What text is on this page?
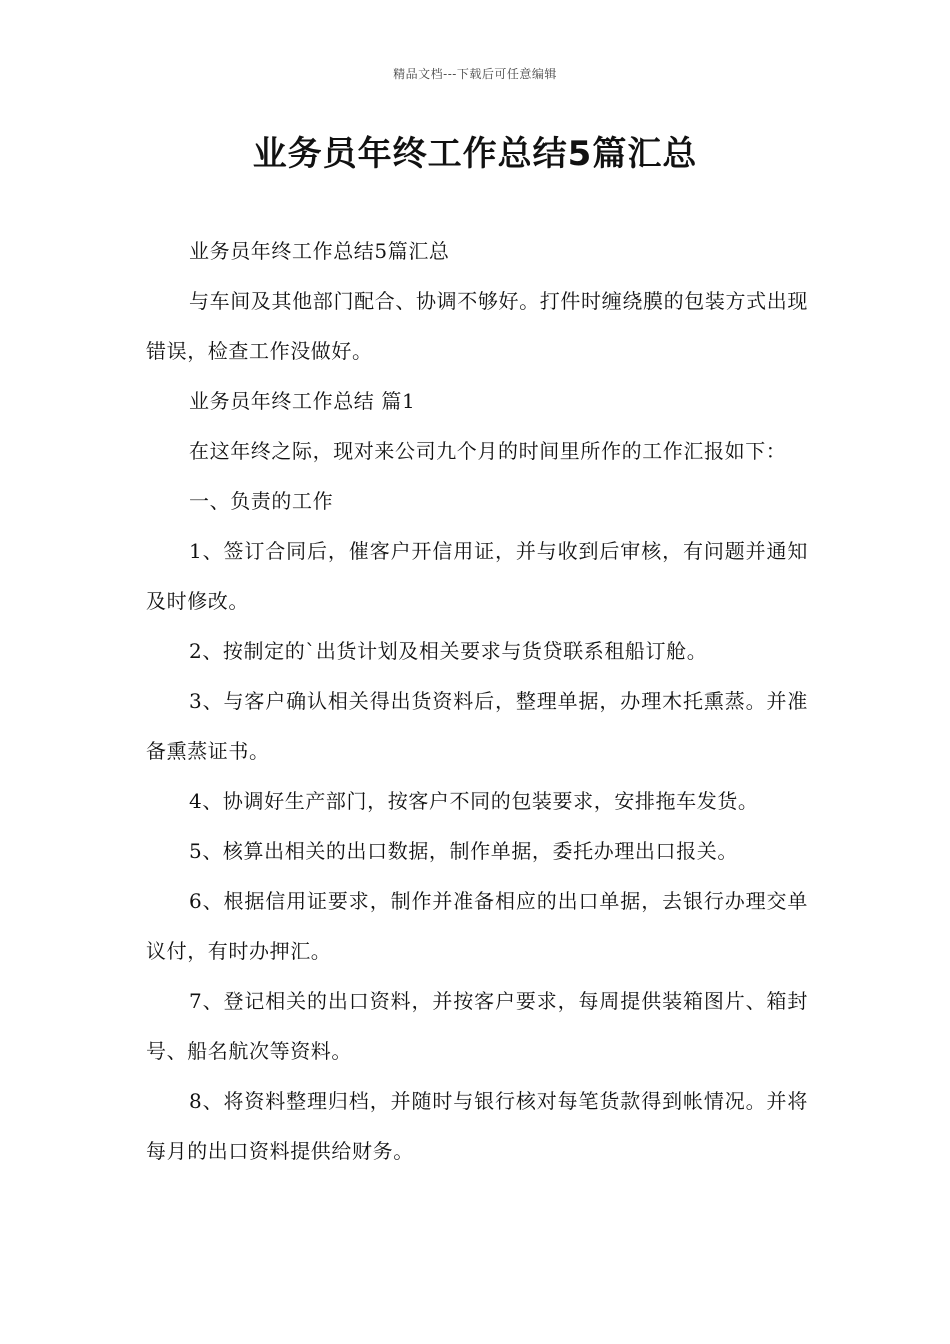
精品文档---下载后可任意编辑
业务员年终工作总结5篇汇总

业务员年终工作总结5篇汇总

与车间及其他部门配合、协调不够好。打件时缠绕膜的包装方式出现错误，检查工作没做好。

业务员年终工作总结 篇1

在这年终之际，现对来公司九个月的时间里所作的工作汇报如下：

一、负责的工作

1、签订合同后，催客户开信用证，并与收到后审核，有问题并通知及时修改。

2、按制定的`出货计划及相关要求与货贷联系租船订舱。

3、与客户确认相关得出货资料后，整理单据，办理木托熏蒸。并准备熏蒸证书。

4、协调好生产部门，按客户不同的包装要求，安排拖车发货。

5、核算出相关的出口数据，制作单据，委托办理出口报关。

6、根据信用证要求，制作并准备相应的出口单据，去银行办理交单议付，有时办押汇。

7、登记相关的出口资料，并按客户要求，每周提供装箱图片、箱封号、船名航次等资料。

8、将资料整理归档，并随时与银行核对每笔货款得到帐情况。并将每月的出口资料提供给财务。
